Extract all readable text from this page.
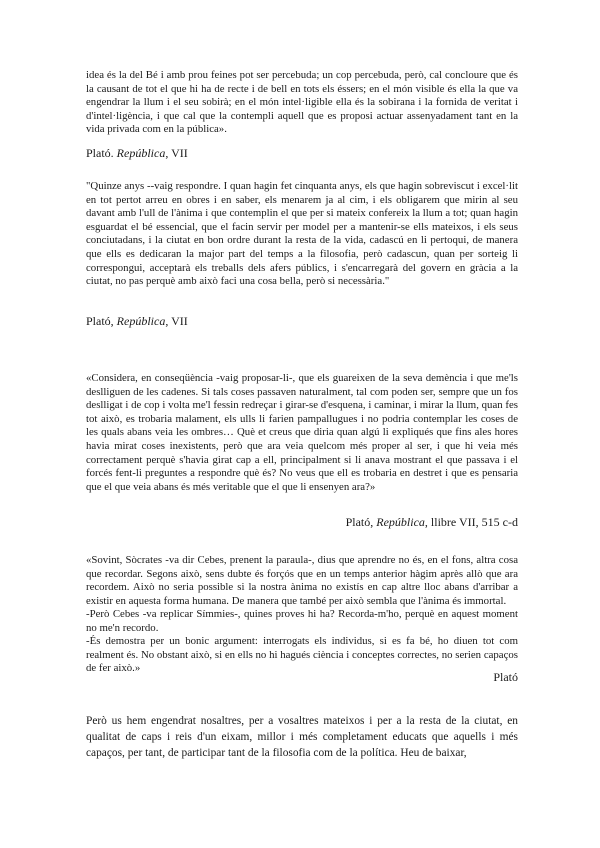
idea és la del Bé i amb prou feines pot ser percebuda; un cop percebuda, però, cal concloure que és la causant de tot el que hi ha de recte i de bell en tots els éssers; en el món visible és ella la que va engendrar la llum i el seu sobirà; en el món intel·ligible ella és la sobirana i la fornida de veritat i d'intel·ligència, i que cal que la contempli aquell que es proposi actuar assenyadament tant en la vida privada com en la pública».

Plató. República, VII

"Quinze anys --vaig respondre. I quan hagin fet cinquanta anys, els que hagin sobreviscut i excel·lit en tot pertot arreu en obres i en saber, els menarem ja al cim, i els obligarem que mirin al seu davant amb l'ull de l'ànima i que contemplin el que per si mateix confereix la llum a tot; quan hagin esguardat el bé essencial, que el facin servir per model per a mantenir-se ells mateixos, i els seus conciutadans, i la ciutat en bon ordre durant la resta de la vida, cadascú en li pertoqui, de manera que ells es dedicaran la major part del temps a la filosofia, però cadascun, quan per sorteig li correspongui, acceptarà els treballs dels afers públics, i s'encarregarà del govern en gràcia a la ciutat, no pas perquè amb això faci una cosa bella, però si necessària."

Plató, República, VII

«Considera, en conseqüència -vaig proposar-li-, que els guareixen de la seva demència i que me'ls deslliguen de les cadenes. Si tals coses passaven naturalment, tal com poden ser, sempre que un fos deslligat i de cop i volta me'l fessin redreçar i girar-se d'esquena, i caminar, i mirar la llum, quan fes tot això, es trobaria malament, els ulls li farien pampallugues i no podria contemplar les coses de les quals abans veia les ombres… Què et creus que diria quan algú li expliqués que fins ales hores havia mirat coses inexistents, però que ara veia quelcom més proper al ser, i que hi veia més correctament perquè s'havia girat cap a ell, principalment si li anava mostrant el que passava i el forcés fent-li preguntes a respondre què és? No veus que ell es trobaria en destret i que es pensaria que el que veia abans és més veritable que el que li ensenyen ara?»

Plató, República, llibre VII, 515 c-d

«Sovint, Sòcrates -va dir Cebes, prenent la paraula-, dius que aprendre no és, en el fons, altra cosa que recordar. Segons això, sens dubte és forçós que en un temps anterior hàgim après allò que ara recordem. Això no seria possible si la nostra ànima no existís en cap altre lloc abans d'arribar a existir en aquesta forma humana. De manera que també per això sembla que l'ànima és immortal.

-Però Cebes -va replicar Símmies-, quines proves hi ha? Recorda-m'ho, perquè en aquest moment no me'n recordo.

-És demostra per un bonic argument: interrogats els individus, si es fa bé, ho diuen tot com realment és. No obstant això, si en ells no hi hagués ciència i conceptes correctes, no serien capaços de fer això.»

Plató

Però us hem engendrat nosaltres, per a vosaltres mateixos i per a la resta de la ciutat, en qualitat de caps i reis d'un eixam, millor i més completament educats que aquells i més capaços, per tant, de participar tant de la filosofia com de la política. Heu de baixar,
